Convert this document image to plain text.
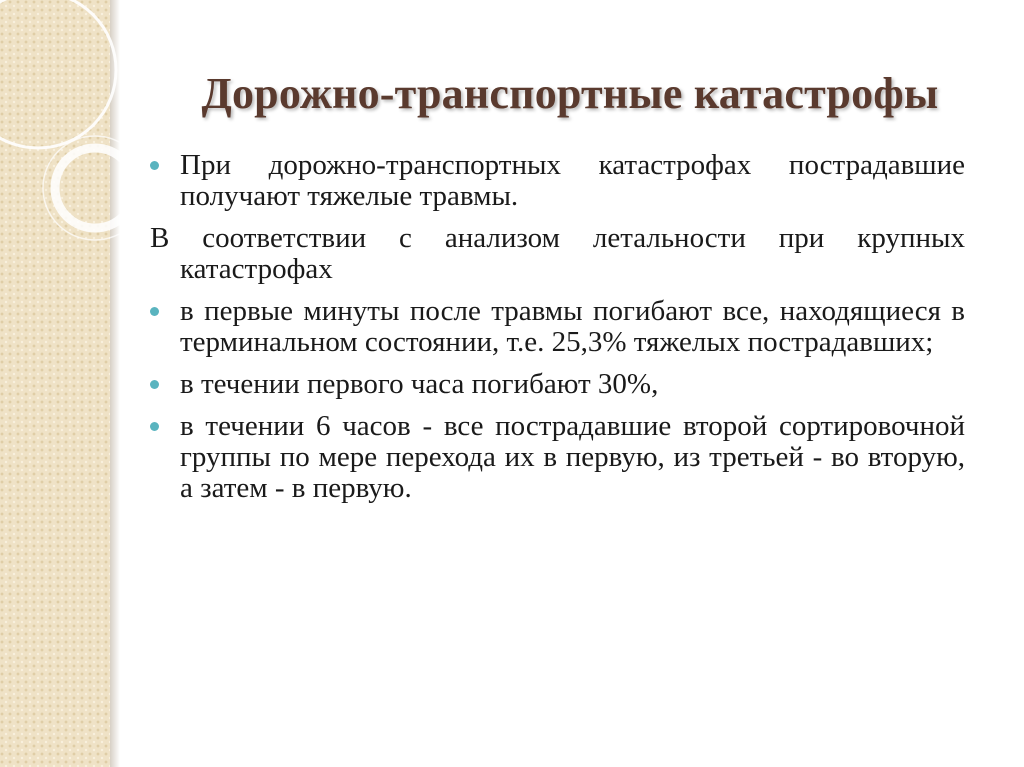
Дорожно-транспортные катастрофы
При дорожно-транспортных катастрофах пострадавшие получают тяжелые травмы.
В соответствии с анализом летальности при крупных катастрофах
в первые минуты после травмы погибают все, находящиеся в терминальном состоянии, т.е. 25,3% тяжелых пострадавших;
в течении первого часа погибают 30%,
в течении 6 часов - все пострадавшие второй сортировочной группы по мере перехода их в первую, из третьей - во вторую, а затем - в первую.
